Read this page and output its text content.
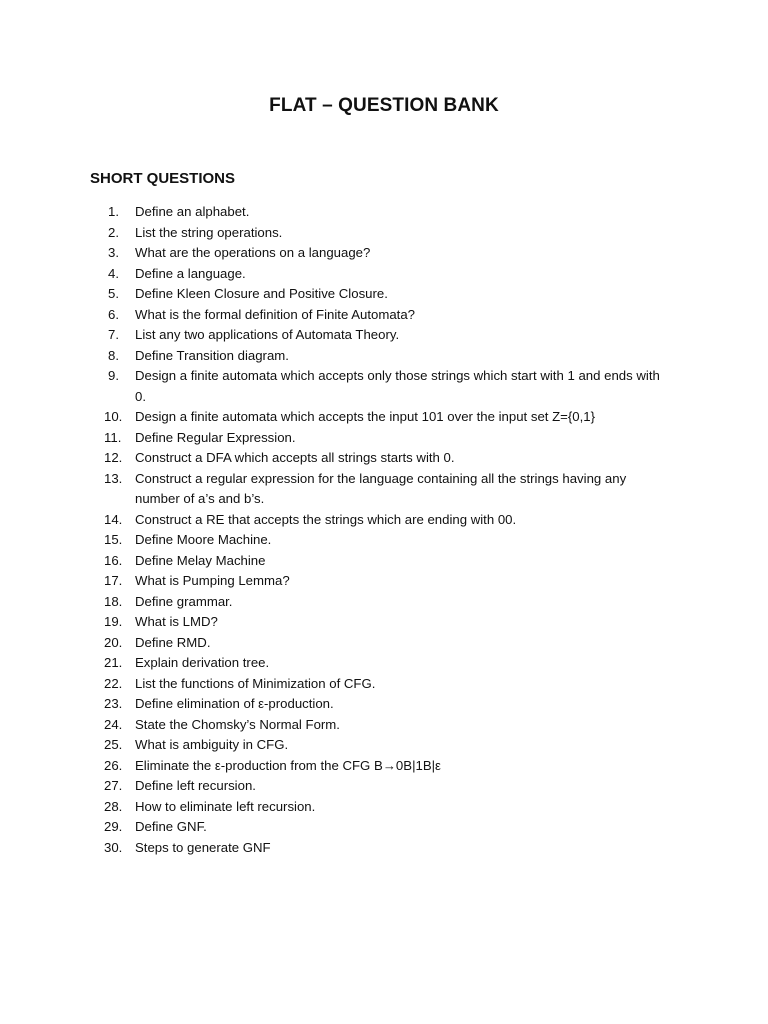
FLAT – QUESTION BANK
SHORT QUESTIONS
1.	Define an alphabet.
2.	List the string operations.
3.	What are the operations on a language?
4.	Define a language.
5.	Define Kleen Closure and Positive Closure.
6.	What is the formal definition of Finite Automata?
7.	List any two applications of Automata Theory.
8.	Define Transition diagram.
9.	Design a finite automata which accepts only those strings which start with 1 and ends with 0.
10. Design a finite automata which accepts the input 101 over the input set Z={0,1}
11.	Define Regular Expression.
12. Construct a DFA which accepts all strings starts with 0.
13. Construct a regular expression for the language containing all the strings having any number of a’s and b’s.
14. Construct a RE that accepts the strings which are ending with 00.
15. Define Moore Machine.
16. Define Melay Machine
17. What is Pumping Lemma?
18. Define grammar.
19. What is LMD?
20. Define RMD.
21. Explain derivation tree.
22. List the functions of Minimization of CFG.
23. Define elimination of ε-production.
24. State the Chomsky’s Normal Form.
25. What is ambiguity in CFG.
26. Eliminate the ε-production from the CFG B→0B|1B|ε
27. Define left recursion.
28. How to eliminate left recursion.
29. Define GNF.
30. Steps to generate GNF
